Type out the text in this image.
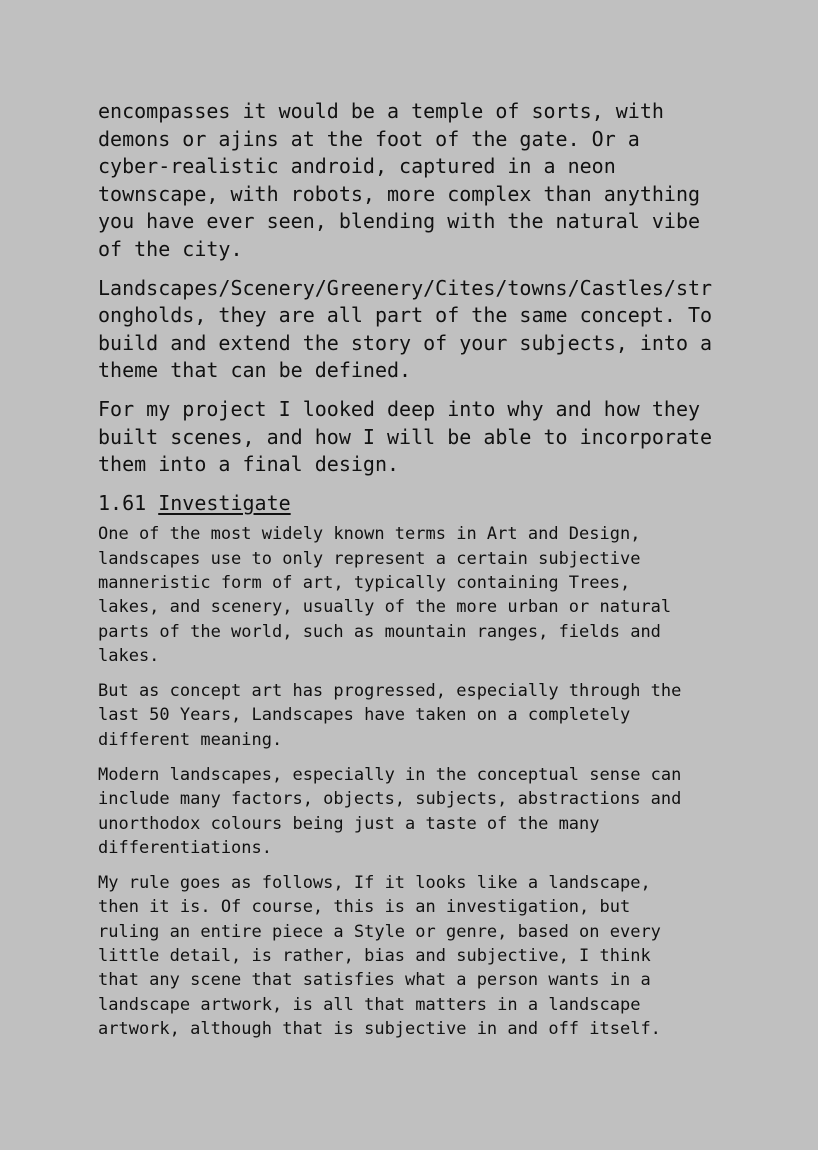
encompasses it would be a temple of sorts, with
demons or ajins at the foot of the gate. Or a
cyber-realistic android, captured in a neon
townscape, with robots, more complex than anything
you have ever seen, blending with the natural vibe
of the city.

Landscapes/Scenery/Greenery/Cites/towns/Castles/str
ongholds, they are all part of the same concept. To
build and extend the story of your subjects, into a
theme that can be defined.

For my project I looked deep into why and how they
built scenes, and how I will be able to incorporate
them into a final design.

1.61 Investigate

One of the most widely known terms in Art and Design,
landscapes use to only represent a certain subjective
manneristic form of art, typically containing Trees,
lakes, and scenery, usually of the more urban or natural
parts of the world, such as mountain ranges, fields and
lakes.

But as concept art has progressed, especially through the
last 50 Years, Landscapes have taken on a completely
different meaning.

Modern landscapes, especially in the conceptual sense can
include many factors, objects, subjects, abstractions and
unorthodox colours being just a taste of the many
differentiations.

My rule goes as follows, If it looks like a landscape,
then it is. Of course, this is an investigation, but
ruling an entire piece a Style or genre, based on every
little detail, is rather, bias and subjective, I think
that any scene that satisfies what a person wants in a
landscape artwork, is all that matters in a landscape
artwork, although that is subjective in and off itself.
